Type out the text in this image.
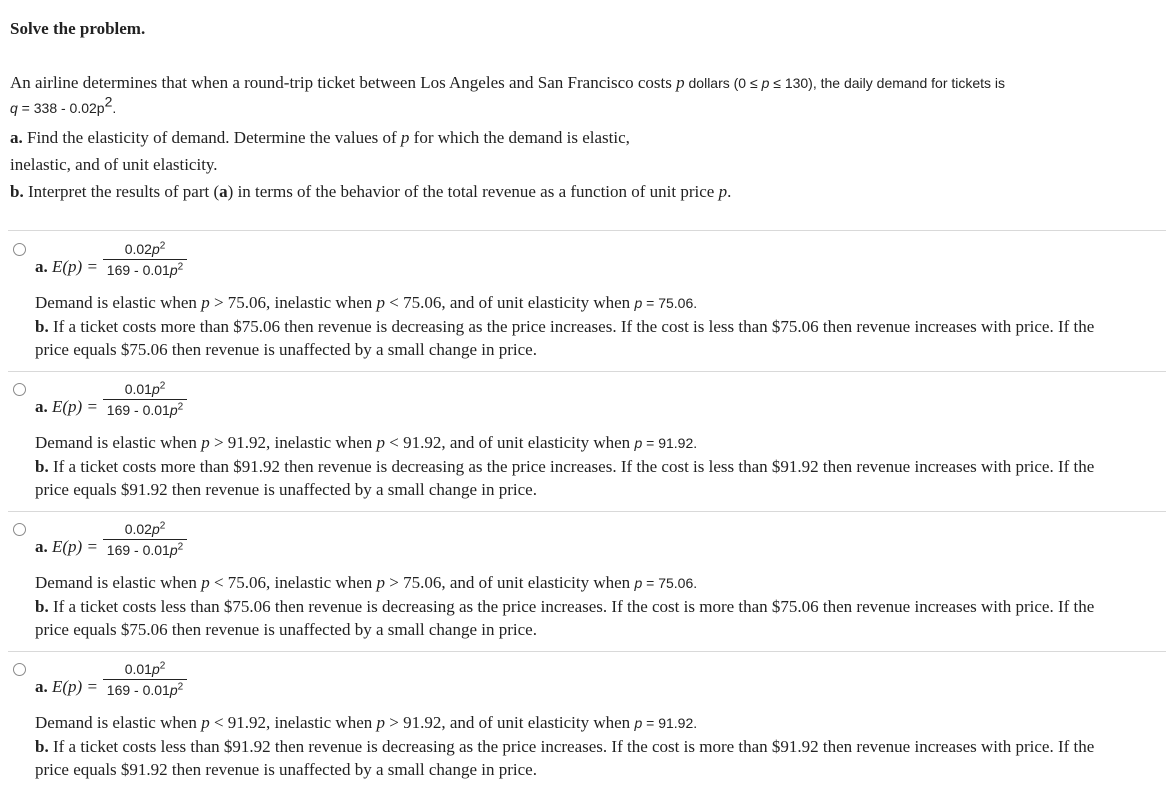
Solve the problem.
An airline determines that when a round-trip ticket between Los Angeles and San Francisco costs p dollars (0 ≤ p ≤ 130), the daily demand for tickets is
$q = 338 - 0.02p^2$.
a. Find the elasticity of demand. Determine the values of p for which the demand is elastic,
inelastic, and of unit elasticity.
b. Interpret the results of part (a) in terms of the behavior of the total revenue as a function of unit price p.
$\frac{0.02p^2}{169 - 0.01p^2}$
a. E(p) =
Demand is elastic when p > 75.06, inelastic when p < 75.06, and of unit elasticity when p = 75.06.
b. If a ticket costs more than $75.06 then revenue is decreasing as the price increases. If the cost is less than $75.06 then revenue increases with price. If the
price equals $75.06 then revenue is unaffected by a small change in price.
$\frac{0.01p^2}{169 - 0.01p^2}$
a. E(p) =
Demand is elastic when p > 91.92, inelastic when p < 91.92, and of unit elasticity when p = 91.92.
b. If a ticket costs more than $91.92 then revenue is decreasing as the price increases. If the cost is less than $91.92 then revenue increases with price. If the
price equals $91.92 then revenue is unaffected by a small change in price.
$\frac{0.02p^2}{169 - 0.01p^2}$
a. E(p) =
Demand is elastic when p < 75.06, inelastic when p > 75.06, and of unit elasticity when p = 75.06.
b. If a ticket costs less than $75.06 then revenue is decreasing as the price increases. If the cost is more than $75.06 then revenue increases with price. If the
price equals $75.06 then revenue is unaffected by a small change in price.
$\frac{0.01p^2}{169 - 0.01p^2}$
a. E(p) =
Demand is elastic when p < 91.92, inelastic when p > 91.92, and of unit elasticity when p = 91.92.
b. If a ticket costs less than $91.92 then revenue is decreasing as the price increases. If the cost is more than $91.92 then revenue increases with price. If the
price equals $91.92 then revenue is unaffected by a small change in price.
